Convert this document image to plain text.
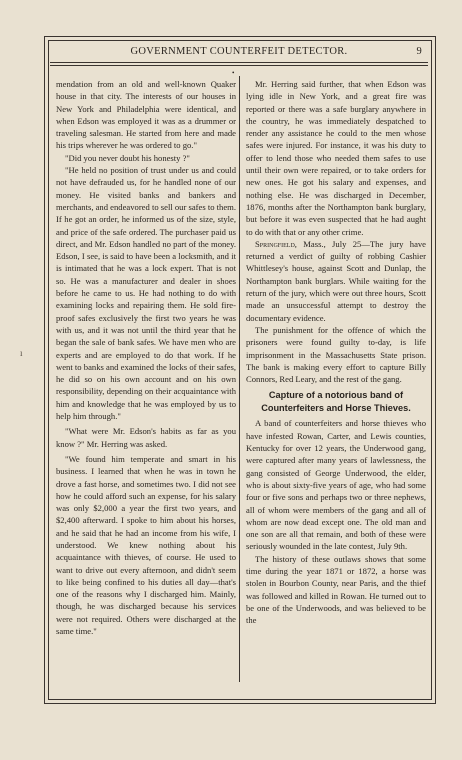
GOVERNMENT COUNTERFEIT DETECTOR.	9
•

mendation from an old and well-known Quaker house in that city. The interests of our houses in New York and Philadelphia were identical, and when Edson was employed it was as a drummer or traveling salesman. He started from here and made his trips wherever he was ordered to go."

"Did you never doubt his honesty ?"

"He held no position of trust under us and could not have defrauded us, for he handled none of our money. He visited banks and bankers and merchants, and endeavored to sell our safes to them. If he got an order, he informed us of the size, style, and price of the safe ordered. The purchaser paid us direct, and Mr. Edson handled no part of the money. Edson, I see, is said to have been a locksmith, and it is intimated that he was a lock expert. That is not so. He was a manufacturer and dealer in shoes before he came to us. He had nothing to do with examining locks and repairing them. He sold fire-proof safes exclusively the first two years he was with us, and it was not until the third year that he began the sale of bank safes. We have men who are experts and are employed to do that work. If he went to banks and examined the locks of their safes, he did so on his own account and on his own responsibility, depending on their acquaintance with him and knowledge that he was employed by us to help him through."

"What were Mr. Edson's habits as far as you know ?" Mr. Herring was asked.

"We found him temperate and smart in his business. I learned that when he was in town he drove a fast horse, and sometimes two. I did not see how he could afford such an expense, for his salary was only $2,000 a year the first two years, and $2,400 afterward. I spoke to him about his horses, and he said that he had an income from his wife, I understood. We knew nothing about his acquaintance with thieves, of course. He used to want to drive out every afternoon, and didn't seem to like being confined to his duties all day—that's one of the reasons why I discharged him. Mainly, though, he was discharged because his services were not required. Others were discharged at the same time."

Mr. Herring said further, that when Edson was lying idle in New York, and a great fire was reported or there was a safe burglary anywhere in the country, he was immediately despatched to render any assistance he could to the men whose safes were injured. For instance, it was his duty to offer to lend those who needed them safes to use until their own were repaired, or to take orders for new ones. He got his salary and expenses, and nothing else. He was discharged in December, 1876, months after the Northampton bank burglary, but before it was even suspected that he had aught to do with that or any other crime.

Springfield, Mass., July 25—The jury have returned a verdict of guilty of robbing Cashier Whittlesey's house, against Scott and Dunlap, the Northampton bank burglars. While waiting for the return of the jury, which were out three hours, Scott made an unsuccessful attempt to destroy the documentary evidence.

The punishment for the offence of which the prisoners were found guilty to-day, is life imprisonment in the Massachusetts State prison. The bank is making every effort to capture Billy Connors, Red Leary, and the rest of the gang.

Capture of a notorious band of Counterfeiters and Horse Thieves.

A band of counterfeiters and horse thieves who have infested Rowan, Carter, and Lewis counties, Kentucky for over 12 years, the Underwood gang, were captured after many years of lawlessness, the gang consisted of George Underwood, the elder, who is about sixty-five years of age, who had some four or five sons and perhaps two or three nephews, all of whom were members of the gang and all of whom are now dead except one. The old man and one son are all that remain, and both of these were seriously wounded in the late contest, July 9th.

The history of these outlaws shows that some time during the year 1871 or 1872, a horse was stolen in Bourbon County, near Paris, and the thief was followed and killed in Rowan. He turned out to be one of the Underwoods, and was believed to be the

ı
